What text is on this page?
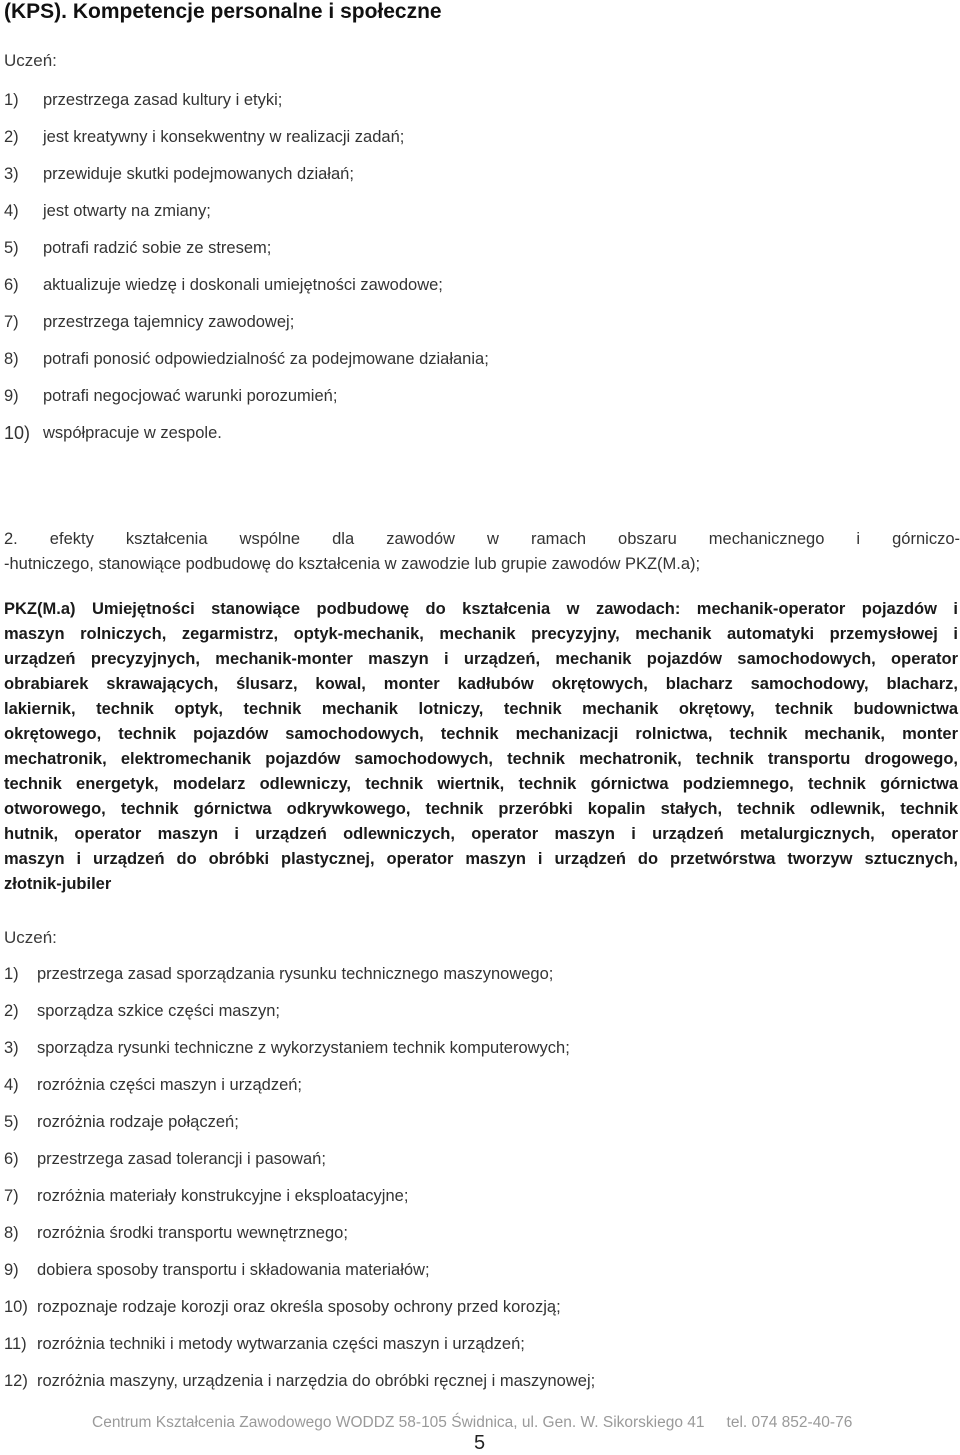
(KPS). Kompetencje personalne i społeczne
Uczeń:
1)	przestrzega zasad kultury i etyki;
2)	jest kreatywny i konsekwentny w realizacji zadań;
3)	przewiduje skutki podejmowanych działań;
4)	jest otwarty na zmiany;
5)	potrafi radzić sobie ze stresem;
6)	aktualizuje wiedzę i doskonali umiejętności zawodowe;
7)	przestrzega tajemnicy zawodowej;
8)	potrafi ponosić odpowiedzialność za podejmowane działania;
9)	potrafi negocjować warunki porozumień;
10) współpracuje w zespole.
2. efekty kształcenia wspólne dla zawodów w ramach obszaru mechanicznego i górniczo-
-hutniczego, stanowiące podbudowę do kształcenia w zawodzie lub grupie zawodów PKZ(M.a);
PKZ(M.a) Umiejętności stanowiące podbudowę do kształcenia w zawodach: mechanik-operator pojazdów i
maszyn rolniczych, zegarmistrz, optyk-mechanik, mechanik precyzyjny, mechanik automatyki przemysłowej i
urządzeń precyzyjnych, mechanik-monter maszyn i urządzeń, mechanik pojazdów samochodowych, operator
obrabiarek skrawających, ślusarz, kowal, monter kadłubów okrętowych, blacharz samochodowy, blacharz,
lakiernik, technik optyk, technik mechanik lotniczy, technik mechanik okrętowy, technik budownictwa
okrętowego, technik pojazdów samochodowych, technik mechanizacji rolnictwa, technik mechanik, monter
mechatronik, elektromechanik pojazdów samochodowych, technik mechatronik, technik transportu drogowego,
technik energetyk, modelarz odlewniczy, technik wiertnik, technik górnictwa podziemnego, technik górnictwa
otworowego, technik górnictwa odkrywkowego, technik przeróbki kopalin stałych, technik odlewnik, technik
hutnik, operator maszyn i urządzeń odlewniczych, operator maszyn i urządzeń metalurgicznych, operator
maszyn i urządzeń do obróbki plastycznej, operator maszyn i urządzeń do przetwórstwa tworzyw sztucznych,
złotnik-jubiler
Uczeń:
1)	przestrzega zasad sporządzania rysunku technicznego maszynowego;
2)	sporządza szkice części maszyn;
3)	sporządza rysunki techniczne z wykorzystaniem technik komputerowych;
4)	rozróżnia części maszyn i urządzeń;
5)	rozróżnia rodzaje połączeń;
6)	przestrzega zasad tolerancji i pasowań;
7)	rozróżnia materiały konstrukcyjne i eksploatacyjne;
8)	rozróżnia środki transportu wewnętrznego;
9)	dobiera sposoby transportu i składowania materiałów;
10) rozpoznaje rodzaje korozji oraz określa sposoby ochrony przed korozją;
11) rozróżnia techniki i metody wytwarzania części maszyn i urządzeń;
12) rozróżnia maszyny, urządzenia i narzędzia do obróbki ręcznej i maszynowej;
Centrum Kształcenia Zawodowego WODDZ 58-105 Świdnica, ul. Gen. W. Sikorskiego 41 tel. 074 852-40-76
5
